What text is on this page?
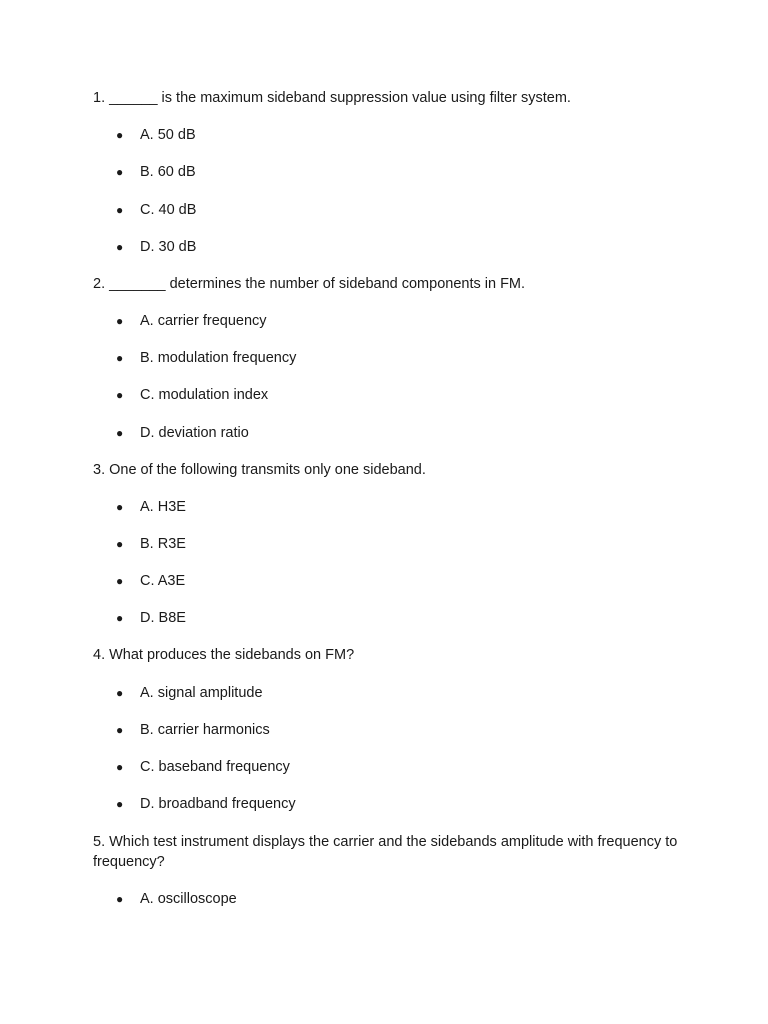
1. ______ is the maximum sideband suppression value using filter system.
● A. 50 dB
● B. 60 dB
● C. 40 dB
● D. 30 dB
2. _______ determines the number of sideband components in FM.
● A. carrier frequency
● B. modulation frequency
● C. modulation index
● D. deviation ratio
3. One of the following transmits only one sideband.
● A. H3E
● B. R3E
● C. A3E
● D. B8E
4. What produces the sidebands on FM?
● A. signal amplitude
● B. carrier harmonics
● C. baseband frequency
● D. broadband frequency
5. Which test instrument displays the carrier and the sidebands amplitude with frequency to frequency?
● A. oscilloscope
